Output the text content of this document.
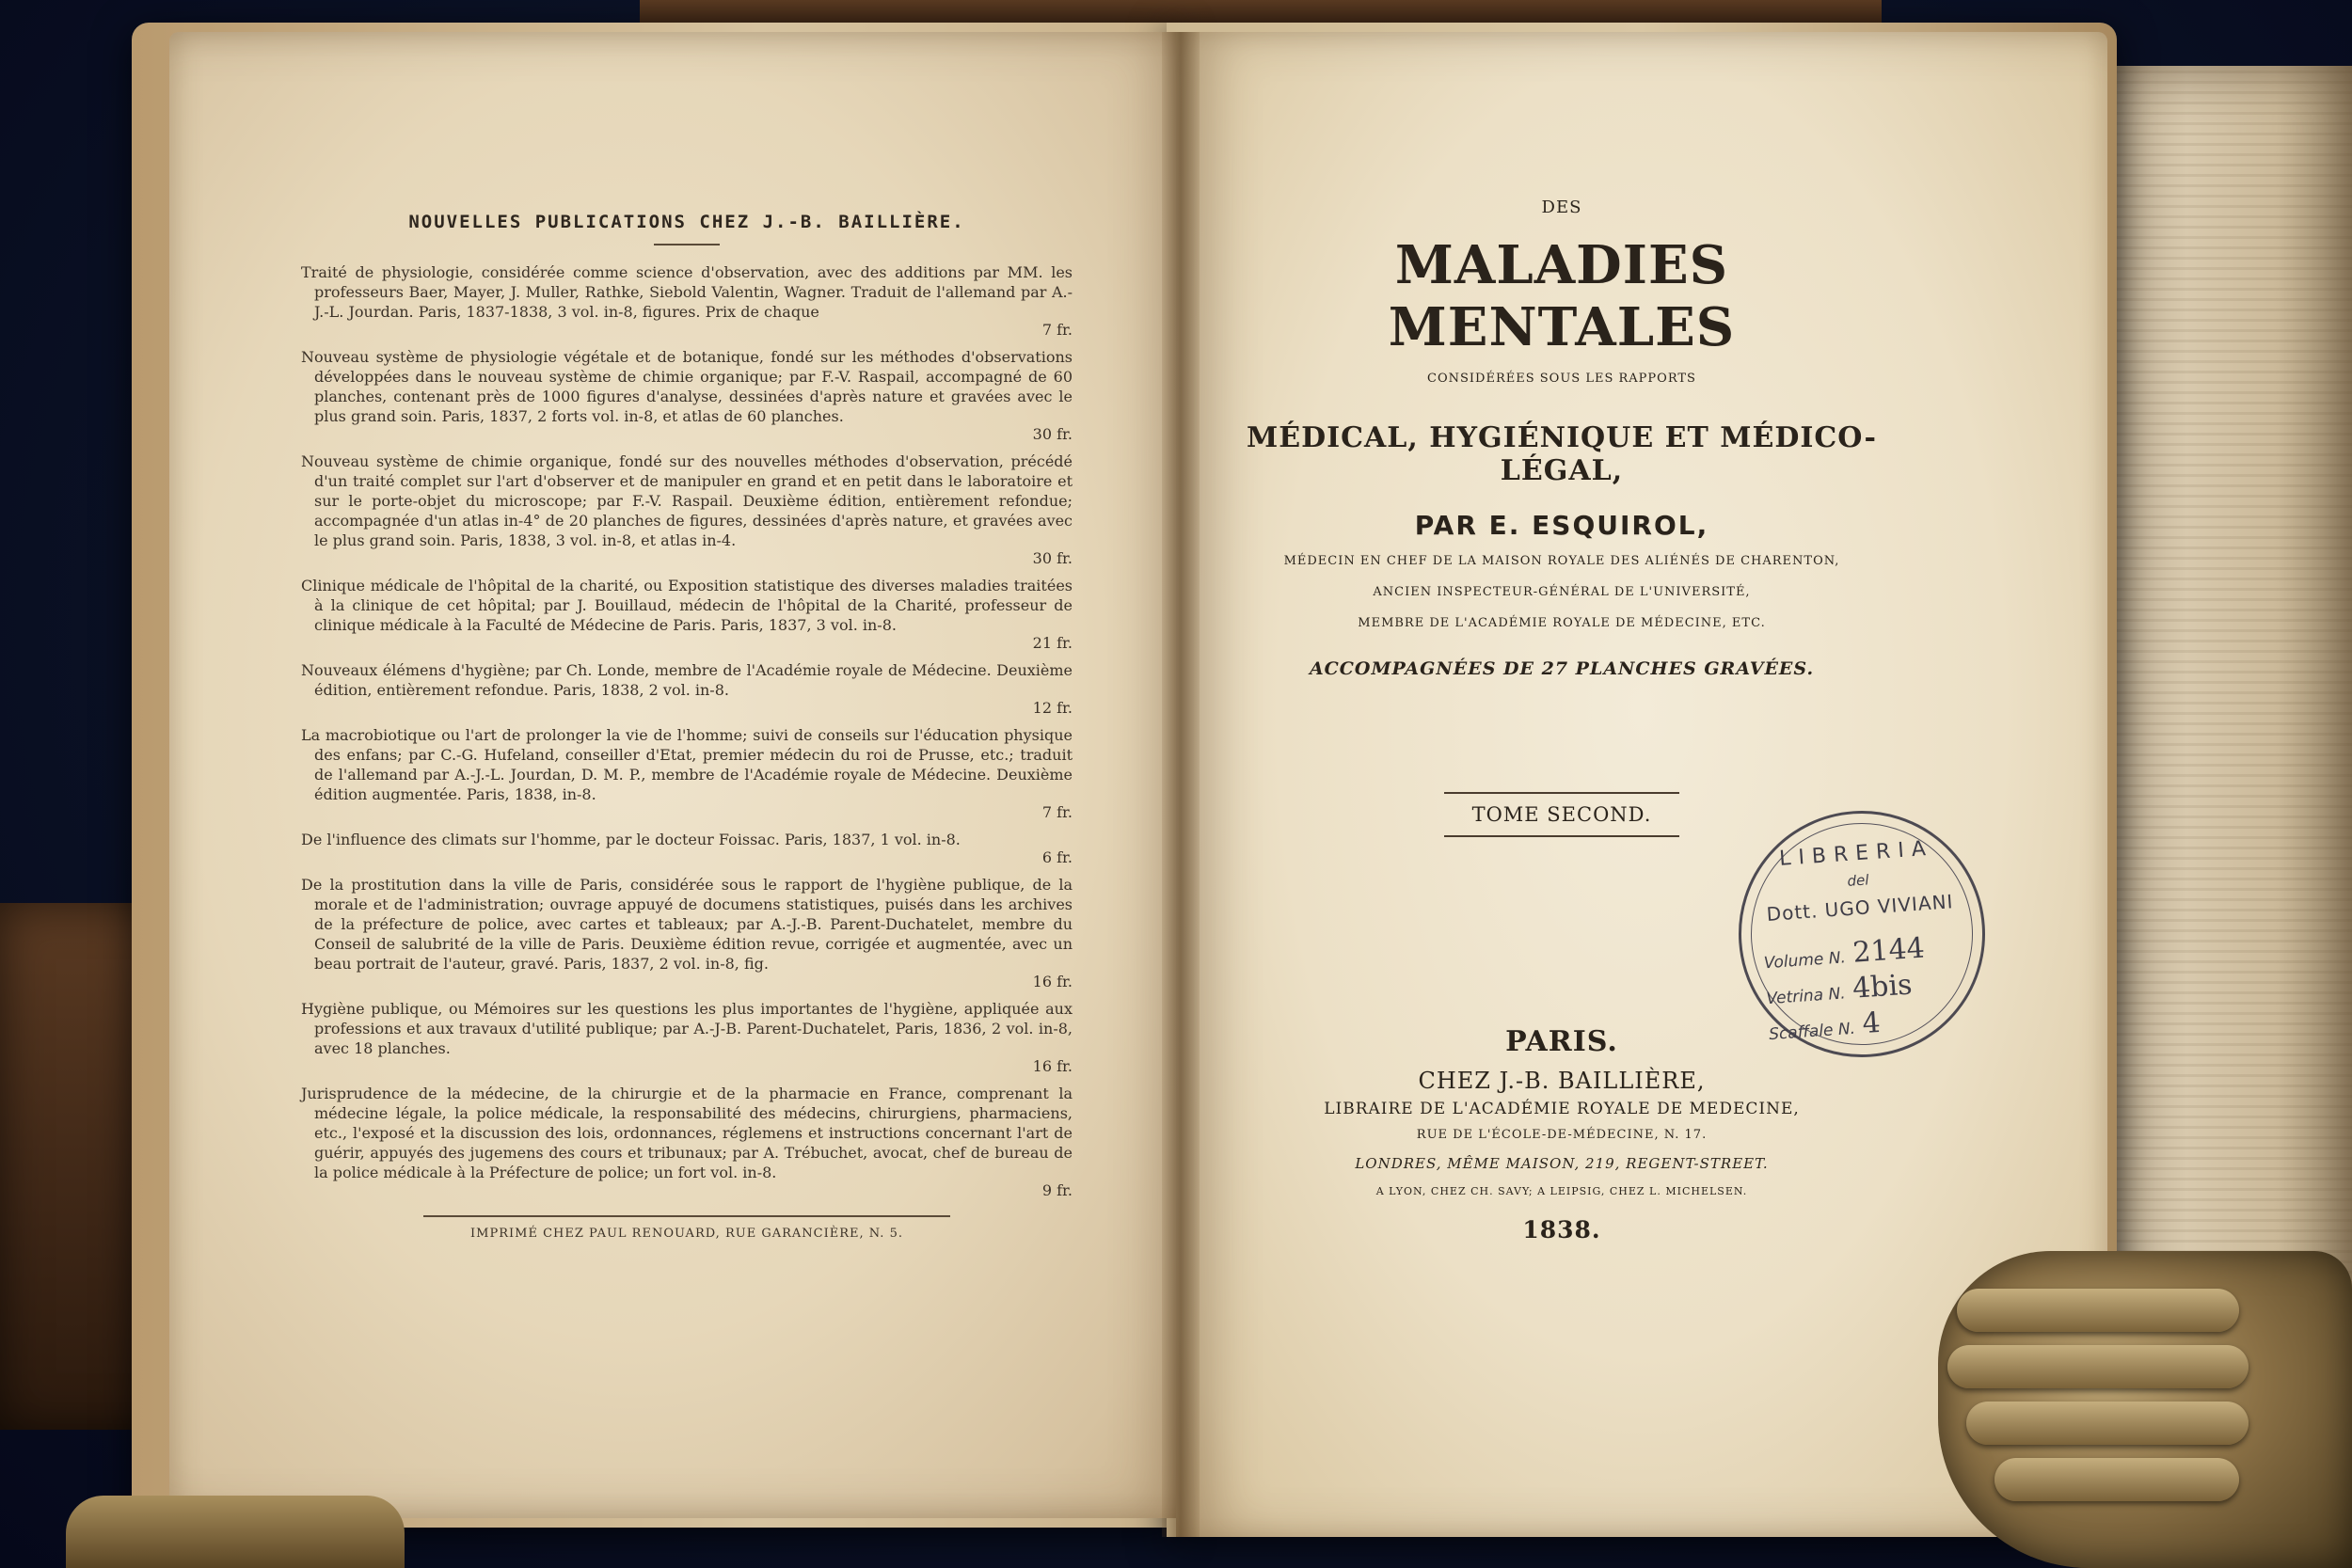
NOUVELLES PUBLICATIONS CHEZ J.-B. BAILLIÈRE.
Traité de physiologie, considérée comme science d'observation, avec des additions par MM. les professeurs Baer, Mayer, J. Muller, Rathke, Siebold Valentin, Wagner. Traduit de l'allemand par A.-J.-L. Jourdan. Paris, 1837-1838, 3 vol. in-8, figures. Prix de chaque
7 fr.
Nouveau système de physiologie végétale et de botanique, fondé sur les méthodes d'observations développées dans le nouveau système de chimie organique; par F.-V. Raspail, accompagné de 60 planches, contenant près de 1000 figures d'analyse, dessinées d'après nature et gravées avec le plus grand soin. Paris, 1837, 2 forts vol. in-8, et atlas de 60 planches.
30 fr.
Nouveau système de chimie organique, fondé sur des nouvelles méthodes d'observation, précédé d'un traité complet sur l'art d'observer et de manipuler en grand et en petit dans le laboratoire et sur le porte-objet du microscope; par F.-V. Raspail. Deuxième édition, entièrement refondue; accompagnée d'un atlas in-4° de 20 planches de figures, dessinées d'après nature, et gravées avec le plus grand soin. Paris, 1838, 3 vol. in-8, et atlas in-4.
30 fr.
Clinique médicale de l'hôpital de la charité, ou Exposition statistique des diverses maladies traitées à la clinique de cet hôpital; par J. Bouillaud, médecin de l'hôpital de la Charité, professeur de clinique médicale à la Faculté de Médecine de Paris. Paris, 1837, 3 vol. in-8.
21 fr.
Nouveaux élémens d'hygiène; par Ch. Londe, membre de l'Académie royale de Médecine. Deuxième édition, entièrement refondue. Paris, 1838, 2 vol. in-8.
12 fr.
La macrobiotique ou l'art de prolonger la vie de l'homme; suivi de conseils sur l'éducation physique des enfans; par C.-G. Hufeland, conseiller d'Etat, premier médecin du roi de Prusse, etc.; traduit de l'allemand par A.-J.-L. Jourdan, D. M. P., membre de l'Académie royale de Médecine. Deuxième édition augmentée. Paris, 1838, in-8.
7 fr.
De l'influence des climats sur l'homme, par le docteur Foissac. Paris, 1837, 1 vol. in-8.
6 fr.
De la prostitution dans la ville de Paris, considérée sous le rapport de l'hygiène publique, de la morale et de l'administration; ouvrage appuyé de documens statistiques, puisés dans les archives de la préfecture de police, avec cartes et tableaux; par A.-J.-B. Parent-Duchatelet, membre du Conseil de salubrité de la ville de Paris. Deuxième édition revue, corrigée et augmentée, avec un beau portrait de l'auteur, gravé. Paris, 1837, 2 vol. in-8, fig.
16 fr.
Hygiène publique, ou Mémoires sur les questions les plus importantes de l'hygiène, appliquée aux professions et aux travaux d'utilité publique; par A.-J-B. Parent-Duchatelet, Paris, 1836, 2 vol. in-8, avec 18 planches.
16 fr.
Jurisprudence de la médecine, de la chirurgie et de la pharmacie en France, comprenant la médecine légale, la police médicale, la responsabilité des médecins, chirurgiens, pharmaciens, etc., l'exposé et la discussion des lois, ordonnances, réglemens et instructions concernant l'art de guérir, appuyés des jugemens des cours et tribunaux; par A. Trébuchet, avocat, chef de bureau de la police médicale à la Préfecture de police; un fort vol. in-8.
9 fr.
IMPRIMÉ CHEZ PAUL RENOUARD, RUE GARANCIÈRE, N. 5.
DES
MALADIES MENTALES
CONSIDÉRÉES SOUS LES RAPPORTS
MÉDICAL, HYGIÉNIQUE ET MÉDICO-LÉGAL,
PAR E. ESQUIROL,
MÉDECIN EN CHEF DE LA MAISON ROYALE DES ALIÉNÉS DE CHARENTON,
ANCIEN INSPECTEUR-GÉNÉRAL DE L'UNIVERSITÉ,
MEMBRE DE L'ACADÉMIE ROYALE DE MÉDECINE, ETC.
ACCOMPAGNÉES DE 27 PLANCHES GRAVÉES.
TOME SECOND.
PARIS.
CHEZ J.-B. BAILLIÈRE,
LIBRAIRE DE L'ACADÉMIE ROYALE DE MEDECINE,
RUE DE L'ÉCOLE-DE-MÉDECINE, N. 17.
LONDRES, MÊME MAISON, 219, REGENT-STREET.
A LYON, CHEZ CH. SAVY; A LEIPSIG, CHEZ L. MICHELSEN.
1838.
LIBRERIA
del
Dott. UGO VIVIANI
Volume N. 2144
Vetrina N. 4bis
Scaffale N. 4
